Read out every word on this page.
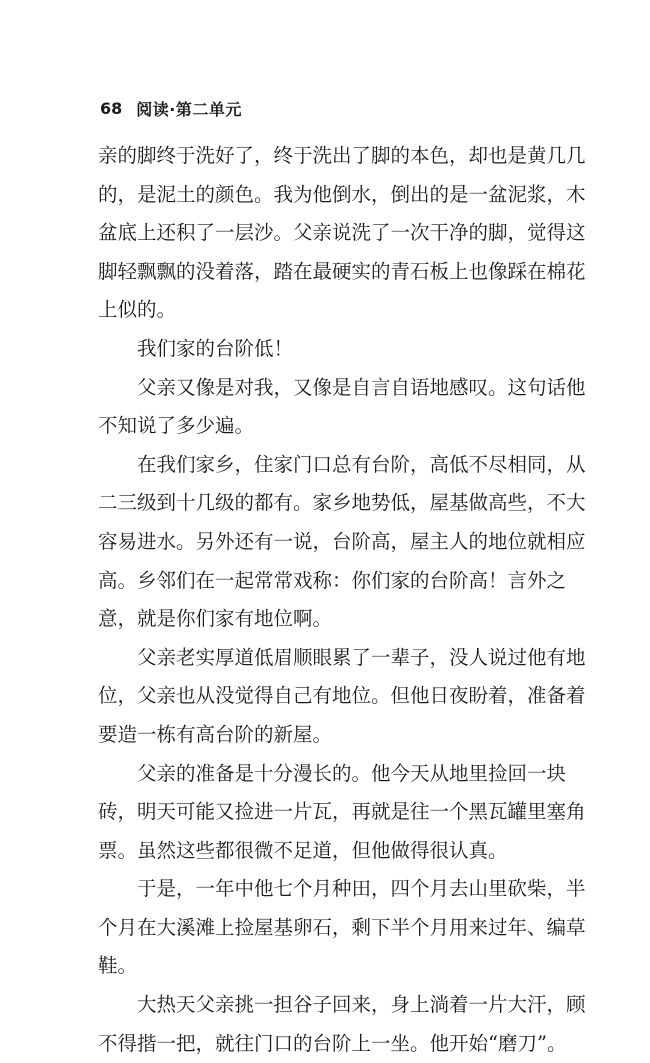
68 阅读·第二单元
亲的脚终于洗好了，终于洗出了脚的本色，却也是黄几几
的，是泥土的颜色。我为他倒水，倒出的是一盆泥浆，木
盆底上还积了一层沙。父亲说洗了一次干净的脚，觉得这
脚轻飘飘的没着落，踏在最硬实的青石板上也像踩在棉花
上似的。
我们家的台阶低！
父亲又像是对我，又像是自言自语地感叹。这句话他
不知说了多少遍。
在我们家乡，住家门口总有台阶，高低不尽相同，从
二三级到十几级的都有。家乡地势低，屋基做高些，不大
容易进水。另外还有一说，台阶高，屋主人的地位就相应
高。乡邻们在一起常常戏称：你们家的台阶高！言外之
意，就是你们家有地位啊。
父亲老实厚道低眉顺眼累了一辈子，没人说过他有地
位，父亲也从没觉得自己有地位。但他日夜盼着，准备着
要造一栋有高台阶的新屋。
父亲的准备是十分漫长的。他今天从地里捡回一块
砖，明天可能又捡进一片瓦，再就是往一个黑瓦罐里塞角
票。虽然这些都很微不足道，但他做得很认真。
于是，一年中他七个月种田，四个月去山里砍柴，半
个月在大溪滩上捡屋基卵石，剩下半个月用来过年、编草
鞋。
大热天父亲挑一担谷子回来，身上淌着一片大汗，顾
不得揩一把，就往门口的台阶上一坐。他开始“磨刀”。
